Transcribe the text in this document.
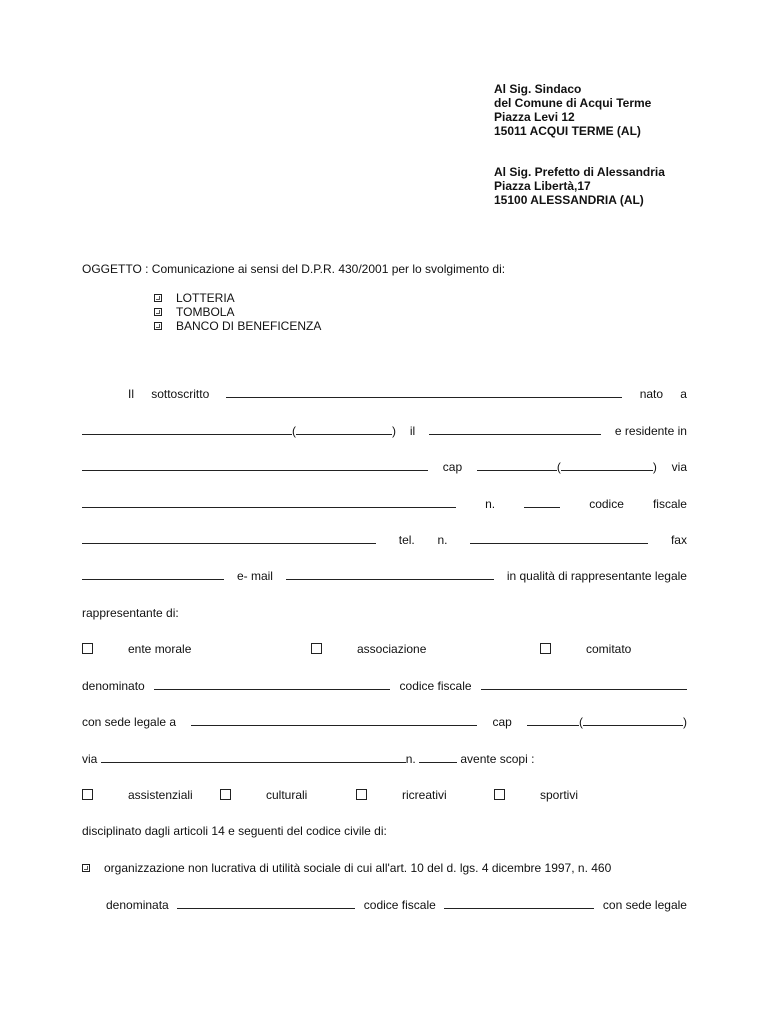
Al Sig. Sindaco
del Comune di Acqui Terme
Piazza Levi 12
15011 ACQUI TERME (AL)
Al Sig. Prefetto di Alessandria
Piazza Libertà,17
15100 ALESSANDRIA (AL)
OGGETTO : Comunicazione ai sensi del D.P.R. 430/2001 per lo svolgimento di:
LOTTERIA
TOMBOLA
BANCO DI BENEFICENZA
Il sottoscritto	nato a
(	) il	e residente in
cap	(	) via
n.	codice fiscale
tel. n.	fax
e- mail	in qualità di rappresentante legale
rappresentante di:
ente morale	associazione	comitato
denominato	codice fiscale
con sede legale a	cap	(	)
via	n.	avente scopi :
assistenziali	culturali	ricreativi	sportivi
disciplinato dagli articoli 14 e seguenti del codice civile di:
organizzazione non lucrativa di utilità sociale di cui all'art. 10 del d. lgs. 4 dicembre 1997, n. 460
denominata	codice fiscale	con sede legale
